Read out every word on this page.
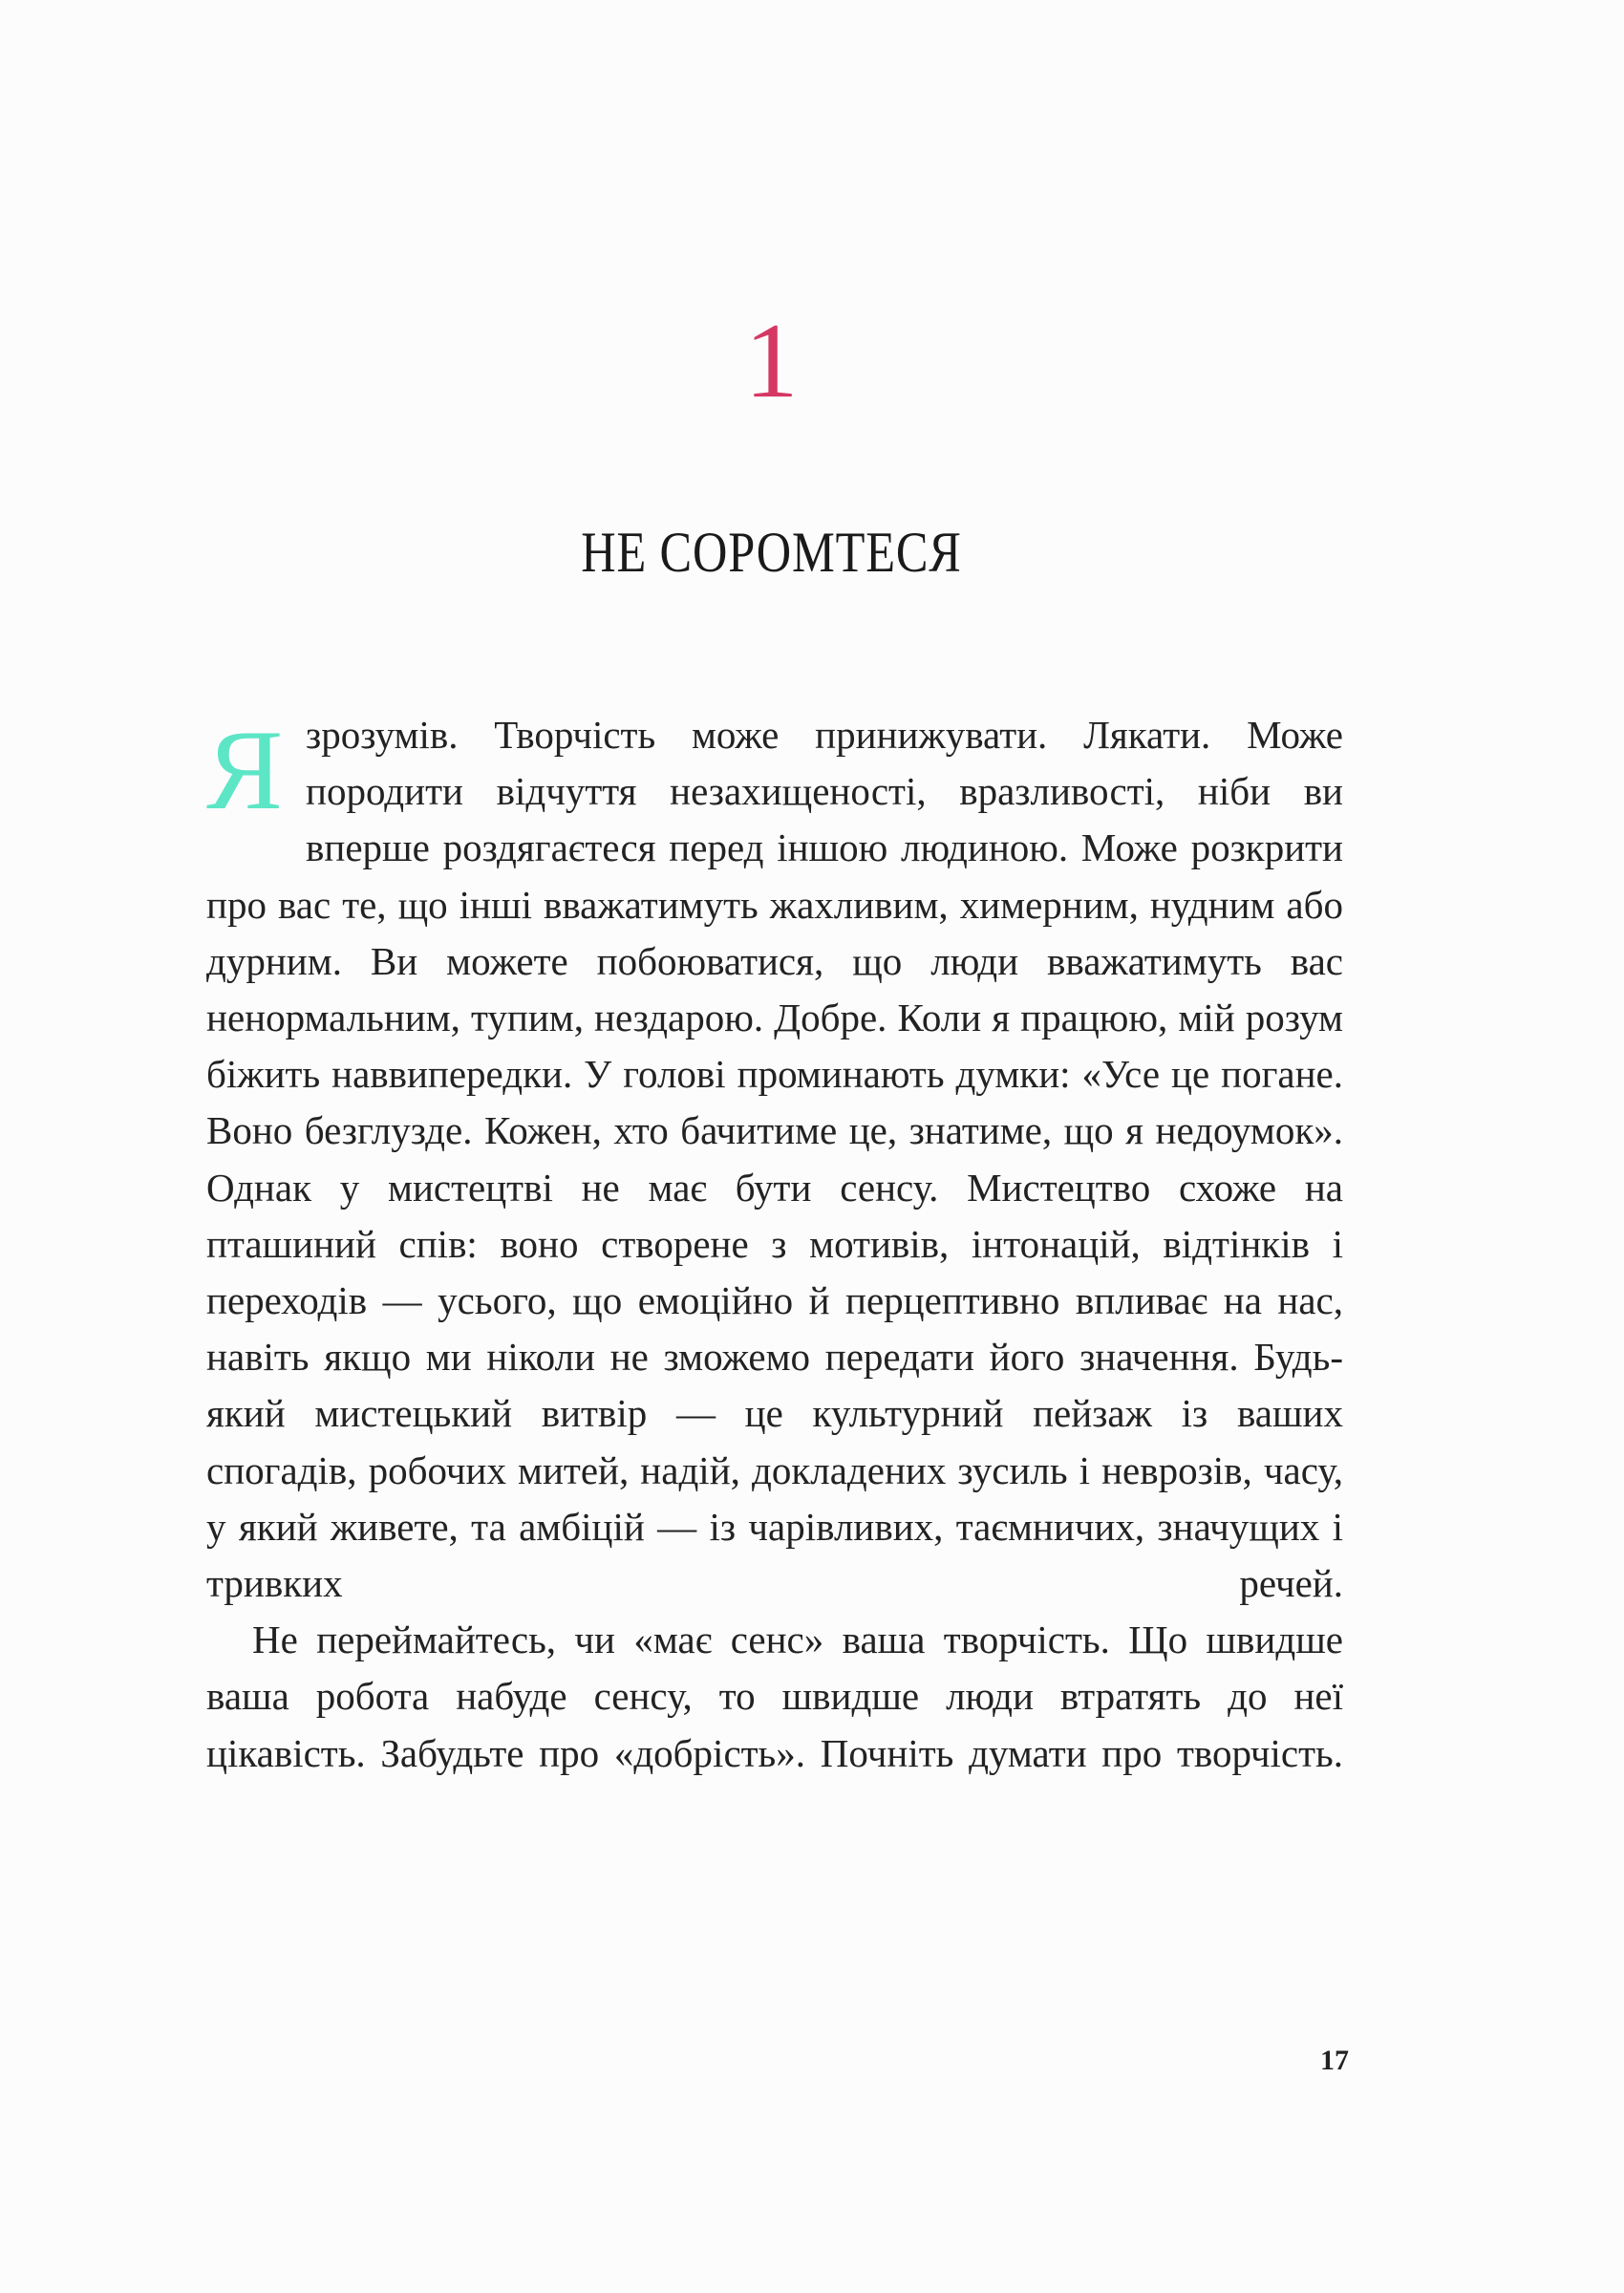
1
НЕ СОРОМТЕСЯ

Язрозумів. Творчість може принижувати. Лякати. Може породити відчуття незахищеності, вразливості, ніби ви вперше роздягаєтеся перед іншою людиною. Може розкрити про вас те, що інші вважатимуть жахливим, химерним, нудним або дурним. Ви можете побоюватися, що люди вважатимуть вас ненормальним, тупим, нездарою. Добре. Коли я працюю, мій розум біжить наввипередки. У голові проминають думки: «Усе це погане. Воно безглузде. Кожен, хто бачитиме це, знатиме, що я недоумок». Однак у мистецтві не має бути сенсу. Мистецтво схоже на пташиний спів: воно створене з мотивів, інтонацій, відтінків і переходів — усього, що емоційно й перцептивно впливає на нас, навіть якщо ми ніколи не зможемо передати його значення. Будь-який мистецький витвір — це культурний пейзаж із ваших спогадів, робочих митей, надій, докладених зусиль і неврозів, часу, у який живете, та амбіцій — із чарівливих, таємничих, значущих і тривких речей.

Не переймайтесь, чи «має сенс» ваша творчість. Що швидше ваша робота набуде сенсу, то швидше люди втратять до неї цікавість. Забудьте про «добрість». Почніть думати про творчість.

17
